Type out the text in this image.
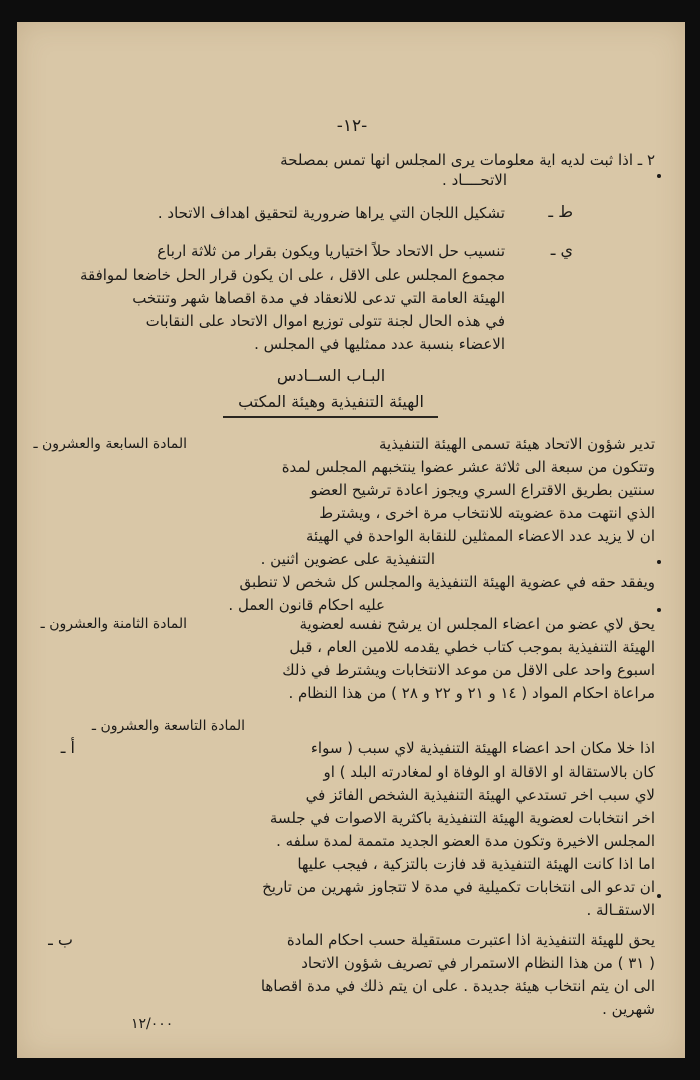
-١٢-
٢ ـ اذا ثبت لديه اية معلومات يرى المجلس انها تمس بمصلحة
الاتحــــاد .
ط ـ
تشكيل اللجان التي يراها ضرورية لتحقيق اهداف الاتحاد .
ي ـ
تنسيب حل الاتحاد حلاً اختياريا ويكون بقرار من ثلاثة ارباع
مجموع المجلس على الاقل ، على ان يكون قرار الحل خاضعا لموافقة
الهيئة العامة التي تدعى للانعقاد في مدة اقصاها شهر وتنتخب
في هذه الحال لجنة تتولى توزيع اموال الاتحاد على النقابات
الاعضاء بنسبة عدد ممثليها في المجلس .
البـاب الســادس
الهيئة التنفيذية وهيئة المكتب
المادة السابعة والعشرون ـ	تدير شؤون الاتحاد هيئة تسمى الهيئة التنفيذية
وتتكون من سبعة الى ثلاثة عشر عضوا ينتخبهم المجلس لمدة
سنتين بطريق الاقتراع السري ويجوز اعادة ترشيح العضو
الذي انتهت مدة عضويته للانتخاب مرة اخرى ، ويشترط
ان لا يزيد عدد الاعضاء الممثلين للنقابة الواحدة في الهيئة
التنفيذية على عضوين اثنين .
ويفقد حقه في عضوية الهيئة التنفيذية والمجلس كل شخص لا تنطبق
عليه احكام قانون العمل .
المادة الثامنة والعشرون ـ	يحق لاي عضو من اعضاء المجلس ان يرشح نفسه لعضوية
الهيئة التنفيذية بموجب كتاب خطي يقدمه للامين العام ، قبل
اسبوع واحد على الاقل من موعد الانتخابات ويشترط في ذلك
مراعاة احكام المواد ( ١٤ و ٢١ و ٢٢ و ٢٨ ) من هذا النظام .
المادة التاسعة والعشرون ـ
أ ـ	اذا خلا مكان احد اعضاء الهيئة التنفيذية لاي سبب ( سواء
كان بالاستقالة او الاقالة او الوفاة او لمغادرته البلد ) او
لاي سبب اخر تستدعي الهيئة التنفيذية الشخص الفائز في
اخر انتخابات لعضوية الهيئة التنفيذية باكثرية الاصوات في جلسة
المجلس الاخيرة وتكون مدة العضو الجديد متممة لمدة سلفه .
اما اذا كانت الهيئة التنفيذية قد فازت بالتزكية ، فيجب عليها
ان تدعو الى انتخابات تكميلية في مدة لا تتجاوز شهرين من تاريخ
الاستقـالة .
ب ـ	يحق للهيئة التنفيذية اذا اعتبرت مستقيلة حسب احكام المادة
( ٣١ ) من هذا النظام الاستمرار في تصريف شؤون الاتحاد
الى ان يتم انتخاب هيئة جديدة . على ان يتم ذلك في مدة اقصاها
شهرين .
١٢/٠٠٠
